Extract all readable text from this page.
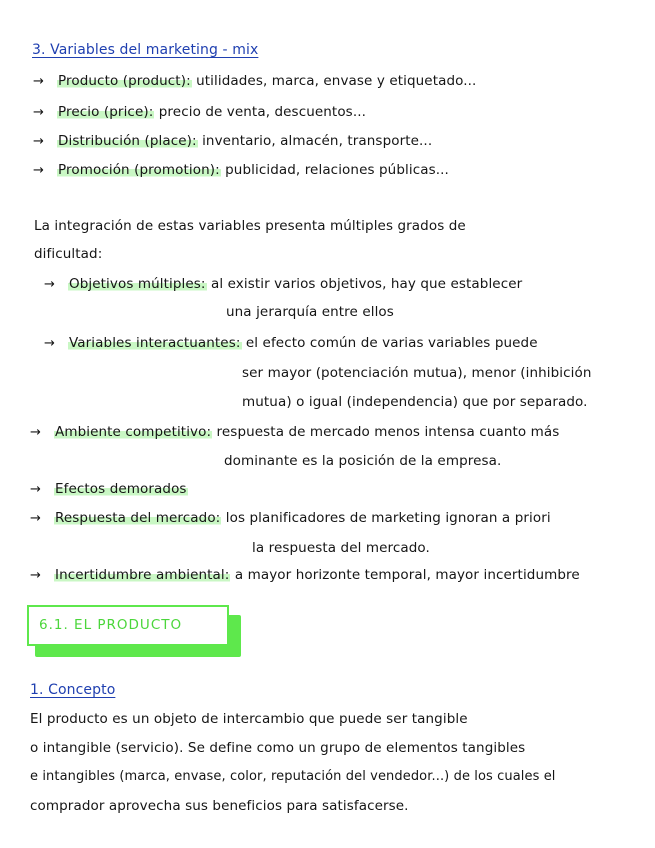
3. Variables del marketing - mix
→ Producto (product): utilidades, marca, envase y etiquetado...
→ Precio (price): precio de venta, descuentos...
→ Distribución (place): inventario, almacén, transporte...
→ Promoción (promotion): publicidad, relaciones públicas...
La integración de estas variables presenta múltiples grados de
dificultad:
→ Objetivos múltiples: al existir varios objetivos, hay que establecer
una jerarquía entre ellos
→ Variables interactuantes: el efecto común de varias variables puede
ser mayor (potenciación mutua), menor (inhibición
mutua) o igual (independencia) que por separado.
→ Ambiente competitivo: respuesta de mercado menos intensa cuanto más
dominante es la posición de la empresa.
→ Efectos demorados
→ Respuesta del mercado: los planificadores de marketing ignoran a priori
la respuesta del mercado.
→ Incertidumbre ambiental: a mayor horizonte temporal, mayor incertidumbre
6.1. EL PRODUCTO
1. Concepto
El producto es un objeto de intercambio que puede ser tangible
o intangible (servicio). Se define como un grupo de elementos tangibles
e intangibles (marca, envase, color, reputación del vendedor...) de los cuales el
comprador aprovecha sus beneficios para satisfacerse.
